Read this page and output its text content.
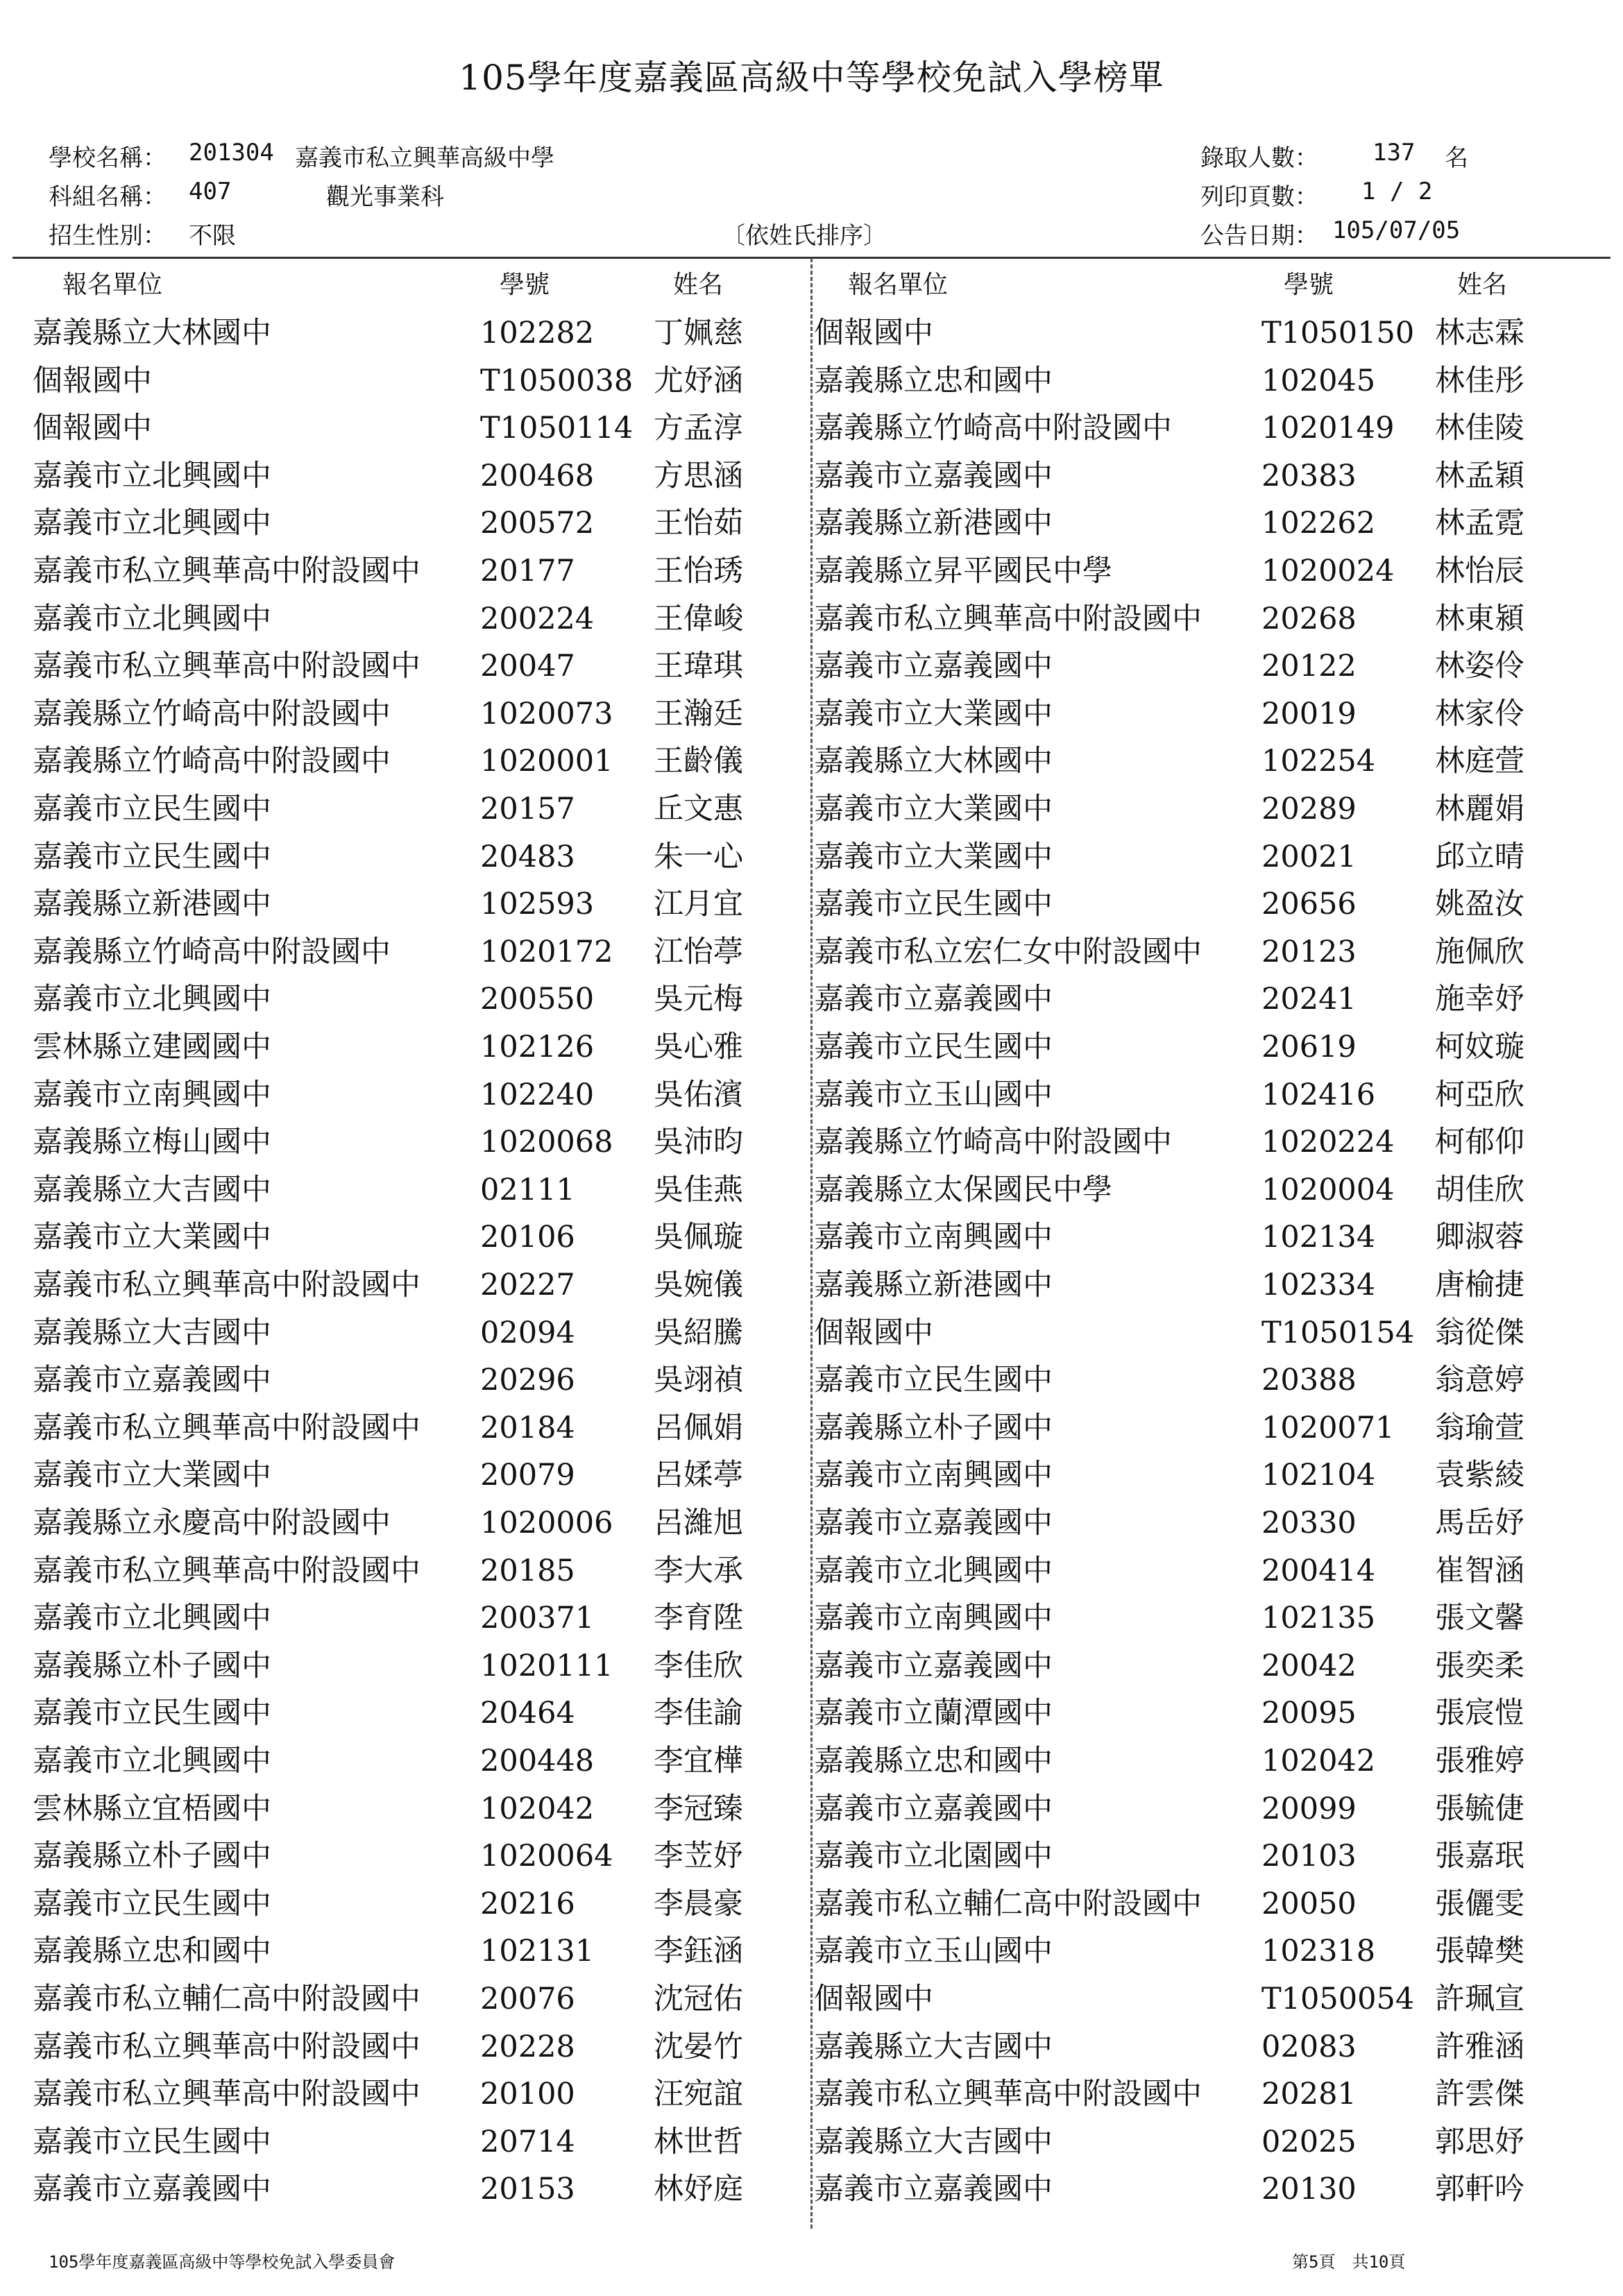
105學年度嘉義區高級中等學校免試入學榜單
學校名稱： 201304 嘉義市私立興華高級中學
科組名稱： 407	觀光事業科
招生性別： 不限	〔依姓氏排序〕
錄取人數： 137 名
列印頁數： 1 / 2
公告日期： 105/07/05
報名單位	學號	姓名	報名單位	學號	姓名
嘉義縣立大林國中	102282	丁姵慈
個報國中	T1050038 尤妤涵
個報國中	T1050114 方孟淳
嘉義市立北興國中	200468	方思涵
嘉義市立北興國中	200572	王怡茹
嘉義市私立興華高中附設國中	20177	王怡琇
嘉義市立北興國中	200224	王偉峻
嘉義市私立興華高中附設國中	20047	王瑋琪
嘉義縣立竹崎高中附設國中	1020073	王瀚廷
嘉義縣立竹崎高中附設國中	1020001	王齡儀
嘉義市立民生國中	20157	丘文惠
嘉義市立民生國中	20483	朱一心
嘉義縣立新港國中	102593	江月宜
嘉義縣立竹崎高中附設國中	1020172	江怡葶
嘉義市立北興國中	200550	吳元梅
雲林縣立建國國中	102126	吳心雅
嘉義市立南興國中	102240	吳佑濱
嘉義縣立梅山國中	1020068	吳沛昀
嘉義縣立大吉國中	02111	吳佳燕
嘉義市立大業國中	20106	吳佩璇
嘉義市私立興華高中附設國中	20227	吳婉儀
嘉義縣立大吉國中	02094	吳紹騰
嘉義市立嘉義國中	20296	吳翊禎
嘉義市私立興華高中附設國中	20184	呂佩娟
嘉義市立大業國中	20079	呂媃葶
嘉義縣立永慶高中附設國中	1020006	呂濰旭
嘉義市私立興華高中附設國中	20185	李大承
嘉義市立北興國中	200371	李育陞
嘉義縣立朴子國中	1020111	李佳欣
嘉義市立民生國中	20464	李佳諭
嘉義市立北興國中	200448	李宜樺
雲林縣立宜梧國中	102042	李冠臻
嘉義縣立朴子國中	1020064	李苙妤
嘉義市立民生國中	20216	李晨豪
嘉義縣立忠和國中	102131	李鈺涵
嘉義市私立輔仁高中附設國中	20076	沈冠佑
嘉義市私立興華高中附設國中	20228	沈晏竹
嘉義市私立興華高中附設國中	20100	汪宛誼
嘉義市立民生國中	20714	林世哲
嘉義市立嘉義國中	20153	林妤庭
個報國中	T1050150 林志霖
嘉義縣立忠和國中	102045	林佳彤
嘉義縣立竹崎高中附設國中	1020149	林佳陵
嘉義市立嘉義國中	20383	林孟穎
嘉義縣立新港國中	102262	林孟霓
嘉義縣立昇平國民中學	1020024	林怡辰
嘉義市私立興華高中附設國中	20268	林東潁
嘉義市立嘉義國中	20122	林姿伶
嘉義市立大業國中	20019	林家伶
嘉義縣立大林國中	102254	林庭萱
嘉義市立大業國中	20289	林麗娟
嘉義市立大業國中	20021	邱立晴
嘉義市立民生國中	20656	姚盈汝
嘉義市私立宏仁女中附設國中	20123	施佩欣
嘉義市立嘉義國中	20241	施幸妤
嘉義市立民生國中	20619	柯妏璇
嘉義市立玉山國中	102416	柯亞欣
嘉義縣立竹崎高中附設國中	1020224	柯郁仰
嘉義縣立太保國民中學	1020004	胡佳欣
嘉義市立南興國中	102134	卿淑蓉
嘉義縣立新港國中	102334	唐榆捷
個報國中	T1050154 翁從傑
嘉義市立民生國中	20388	翁意婷
嘉義縣立朴子國中	1020071	翁瑜萱
嘉義市立南興國中	102104	袁紫綾
嘉義市立嘉義國中	20330	馬岳妤
嘉義市立北興國中	200414	崔智涵
嘉義市立南興國中	102135	張文馨
嘉義市立嘉義國中	20042	張奕柔
嘉義市立蘭潭國中	20095	張宸愷
嘉義縣立忠和國中	102042	張雅婷
嘉義市立嘉義國中	20099	張毓倢
嘉義市立北園國中	20103	張嘉珉
嘉義市私立輔仁高中附設國中	20050	張儷雯
嘉義市立玉山國中	102318	張韓樊
個報國中	T1050054 許珮宣
嘉義縣立大吉國中	02083	許雅涵
嘉義市私立興華高中附設國中	20281	許雲傑
嘉義縣立大吉國中	02025	郭思妤
嘉義市立嘉義國中	20130	郭軒吟
105學年度嘉義區高級中等學校免試入學委員會	第5頁　共10頁
